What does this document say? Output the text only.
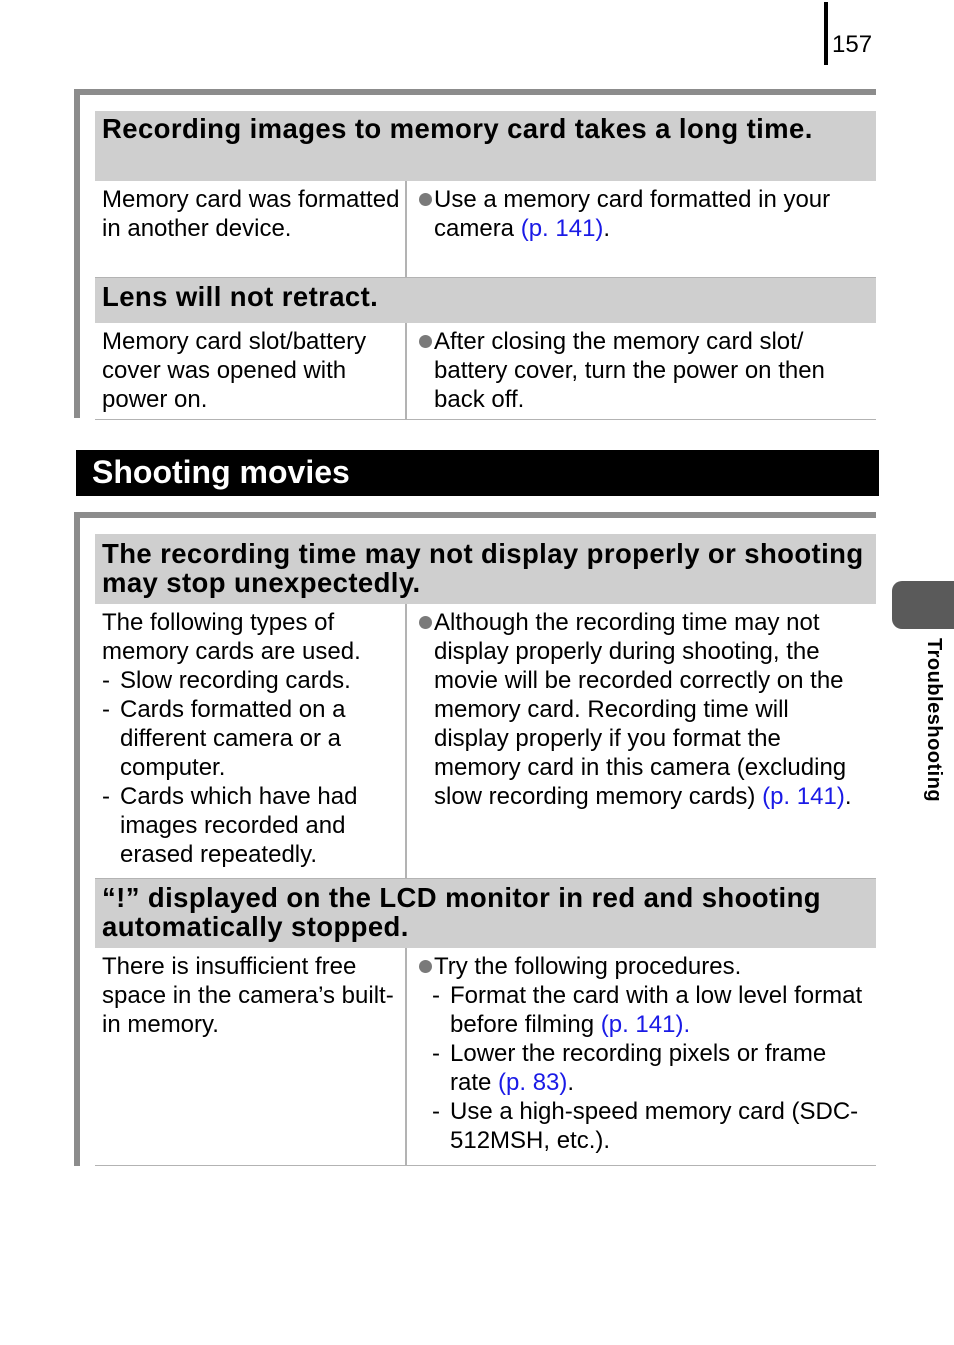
157
Recording images to memory card takes a long time.
Memory card was formatted in another device.
Use a memory card formatted in your camera (p. 141).
Lens will not retract.
Memory card slot/battery cover was opened with power on.
After closing the memory card slot/ battery cover, turn the power on then back off.
Shooting movies
The recording time may not display properly or shooting may stop unexpectedly.
The following types of memory cards are used.
- Slow recording cards.
- Cards formatted on a different camera or a computer.
- Cards which have had images recorded and erased repeatedly.
Although the recording time may not display properly during shooting, the movie will be recorded correctly on the memory card. Recording time will display properly if you format the memory card in this camera (excluding slow recording memory cards) (p. 141).
“!” displayed on the LCD monitor in red and shooting automatically stopped.
There is insufficient free space in the camera’s built-in memory.
Try the following procedures.
- Format the card with a low level format before filming (p. 141).
- Lower the recording pixels or frame rate (p. 83).
- Use a high-speed memory card (SDC-512MSH, etc.).
Troubleshooting
